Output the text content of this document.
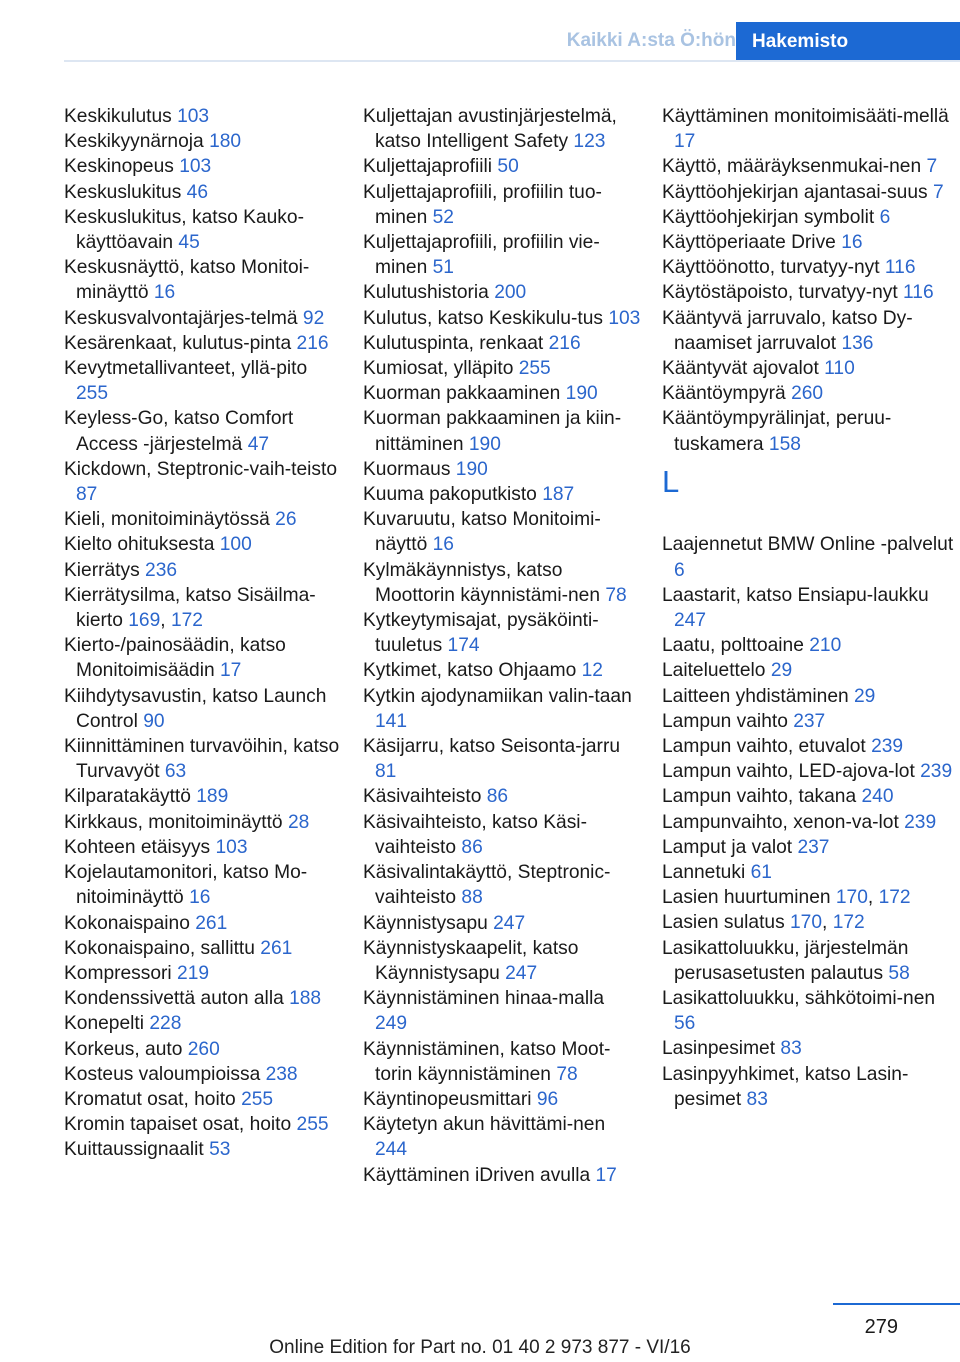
Kaikki A:sta Ö:hön Hakemisto
Keskikulutus 103
Keskikyynärnoja 180
Keskinopeus 103
Keskuslukitus 46
Keskuslukitus, katso Kauko-käyttöavain 45
Keskusnäyttö, katso Monitoi-minäyttö 16
Keskusvalvontajärjes-telmä 92
Kesärenkaat, kulutus-pinta 216
Kevytmetallivanteet, yllä-pito 255
Keyless-Go, katso Comfort Access -järjestelmä 47
Kickdown, Steptronic-vaih-teisto 87
Kieli, monitoiminäytössä 26
Kielto ohituksesta 100
Kierrätys 236
Kierrätysilma, katso Sisäilma-kierto 169, 172
Kierto-/painosäädin, katso Monitoimisäädin 17
Kiihdytysavustin, katso Launch Control 90
Kiinnittäminen turvavöihin, katso Turvavyöt 63
Kilparatakäyttö 189
Kirkkaus, monitoiminäyttö 28
Kohteen etäisyys 103
Kojelautamonitori, katso Mo-nitoiminäyttö 16
Kokonaispaino 261
Kokonaispaino, sallittu 261
Kompressori 219
Kondenssivettä auton alla 188
Konepelti 228
Korkeus, auto 260
Kosteus valoumpioissa 238
Kromatut osat, hoito 255
Kromin tapaiset osat, hoito 255
Kuittaussignaalit 53
Kuljettajan avustinjärjestelmä, katso Intelligent Safety 123
Kuljettajaprofiili 50
Kuljettajaprofiili, profiilin tuo-minen 52
Kuljettajaprofiili, profiilin vie-minen 51
Kulutushistoria 200
Kulutus, katso Keskikulu-tus 103
Kulutuspinta, renkaat 216
Kumiosat, ylläpito 255
Kuorman pakkaaminen 190
Kuorman pakkaaminen ja kiin-nittäminen 190
Kuormaus 190
Kuuma pakoputkisto 187
Kuvaruutu, katso Monitoimi-näyttö 16
Kylmäkäynnistys, katso Moottorin käynnistämi-nen 78
Kytkeytymisajat, pysäköinti-tuuletus 174
Kytkimet, katso Ohjaamo 12
Kytkin ajodynamiikan valin-taan 141
Käsijarru, katso Seisonta-jarru 81
Käsivaihteisto 86
Käsivaihteisto, katso Käsi-vaihteisto 86
Käsivalintakäyttö, Steptronic-vaihteisto 88
Käynnistysapu 247
Käynnistyskaapelit, katso Käynnistysapu 247
Käynnistäminen hinaa-malla 249
Käynnistäminen, katso Moot-torin käynnistäminen 78
Käyntinopeusmittari 96
Käytetyn akun hävittämi-nen 244
Käyttäminen iDriven avulla 17
Käyttäminen monitoimisääti-mellä 17
Käyttö, määräyksenmukai-nen 7
Käyttöohjekirjan ajantasai-suus 7
Käyttöohjekirjan symbolit 6
Käyttöperiaate Drive 16
Käyttöönotto, turvatyy-nyt 116
Käytöstäpoisto, turvatyy-nyt 116
Kääntyvä jarruvalo, katso Dy-naamiset jarruvalot 136
Kääntyvät ajovalot 110
Kääntöympyrä 260
Kääntöympyrälinjat, peruu-tuskamera 158
L
Laajennetut BMW Online -palvelut 6
Laastarit, katso Ensiapu-laukku 247
Laatu, polttoaine 210
Laiteluettelo 29
Laitteen yhdistäminen 29
Lampun vaihto 237
Lampun vaihto, etuvalot 239
Lampun vaihto, LED-ajova-lot 239
Lampun vaihto, takana 240
Lampunvaihto, xenon-va-lot 239
Lamput ja valot 237
Lannetuki 61
Lasien huurtuminen 170, 172
Lasien sulatus 170, 172
Lasikattoluukku, järjestelmän perusasetusten palautus 58
Lasikattoluukku, sähkötoimi-nen 56
Lasinpesimet 83
Lasinpyyhkimet, katso Lasin-pesimet 83
279
Online Edition for Part no. 01 40 2 973 877 - VI/16
